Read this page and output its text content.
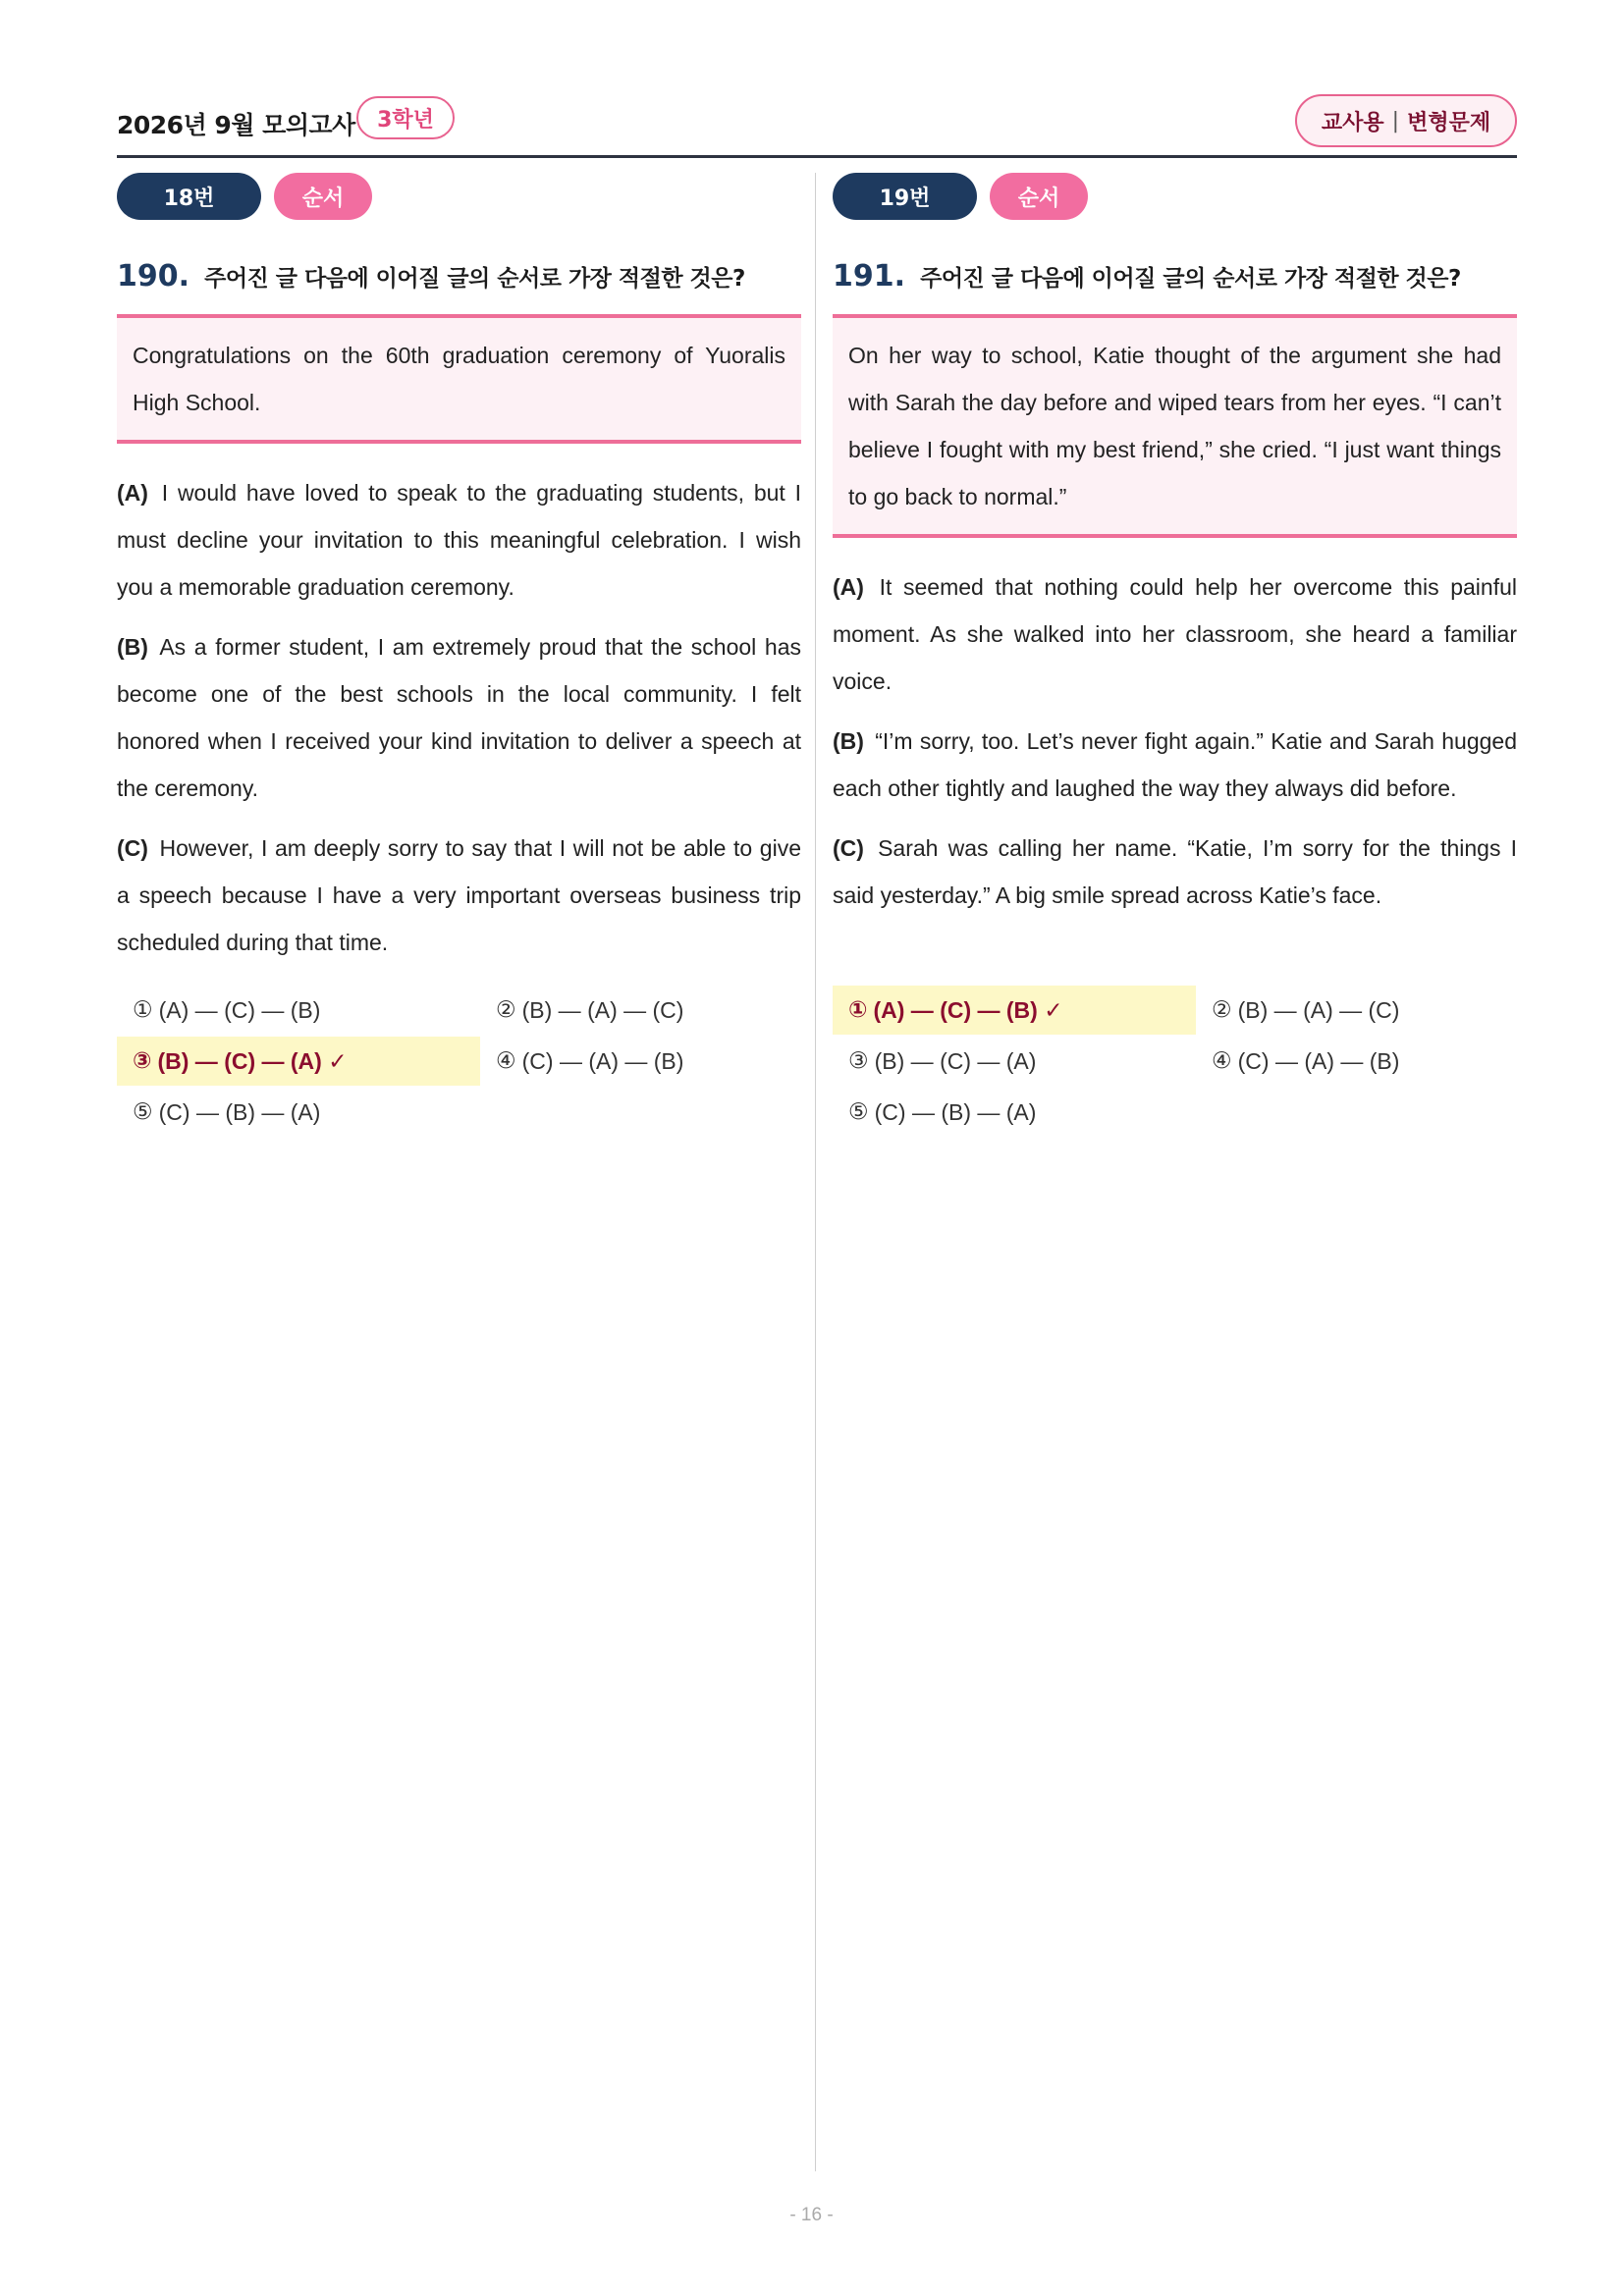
2026년 9월 모의고사	3학년	교사용 | 변형문제
18번	순서
190. 주어진 글 다음에 이어질 글의 순서로 가장 적절한 것은?
Congratulations on the 60th graduation ceremony of Yuoralis High School.

(A) I would have loved to speak to the graduating students, but I must decline your invitation to this meaningful celebration. I wish you a memorable graduation ceremony.

(B) As a former student, I am extremely proud that the school has become one of the best schools in the local community. I felt honored when I received your kind invitation to deliver a speech at the ceremony.

(C) However, I am deeply sorry to say that I will not be able to give a speech because I have a very important overseas business trip scheduled during that time.

① (A) — (C) — (B)	② (B) — (A) — (C)
③ (B) — (C) — (A) ✓	④ (C) — (A) — (B)
⑤ (C) — (B) — (A)
19번	순서
191. 주어진 글 다음에 이어질 글의 순서로 가장 적절한 것은?
On her way to school, Katie thought of the argument she had with Sarah the day before and wiped tears from her eyes. “I can’t believe I fought with my best friend,” she cried. “I just want things to go back to normal.”

(A) It seemed that nothing could help her overcome this painful moment. As she walked into her classroom, she heard a familiar voice.

(B) “I’m sorry, too. Let’s never fight again.” Katie and Sarah hugged each other tightly and laughed the way they always did before.

(C) Sarah was calling her name. “Katie, I’m sorry for the things I said yesterday.” A big smile spread across Katie’s face.

① (A) — (C) — (B) ✓	② (B) — (A) — (C)
③ (B) — (C) — (A)	④ (C) — (A) — (B)
⑤ (C) — (B) — (A)
- 16 -
